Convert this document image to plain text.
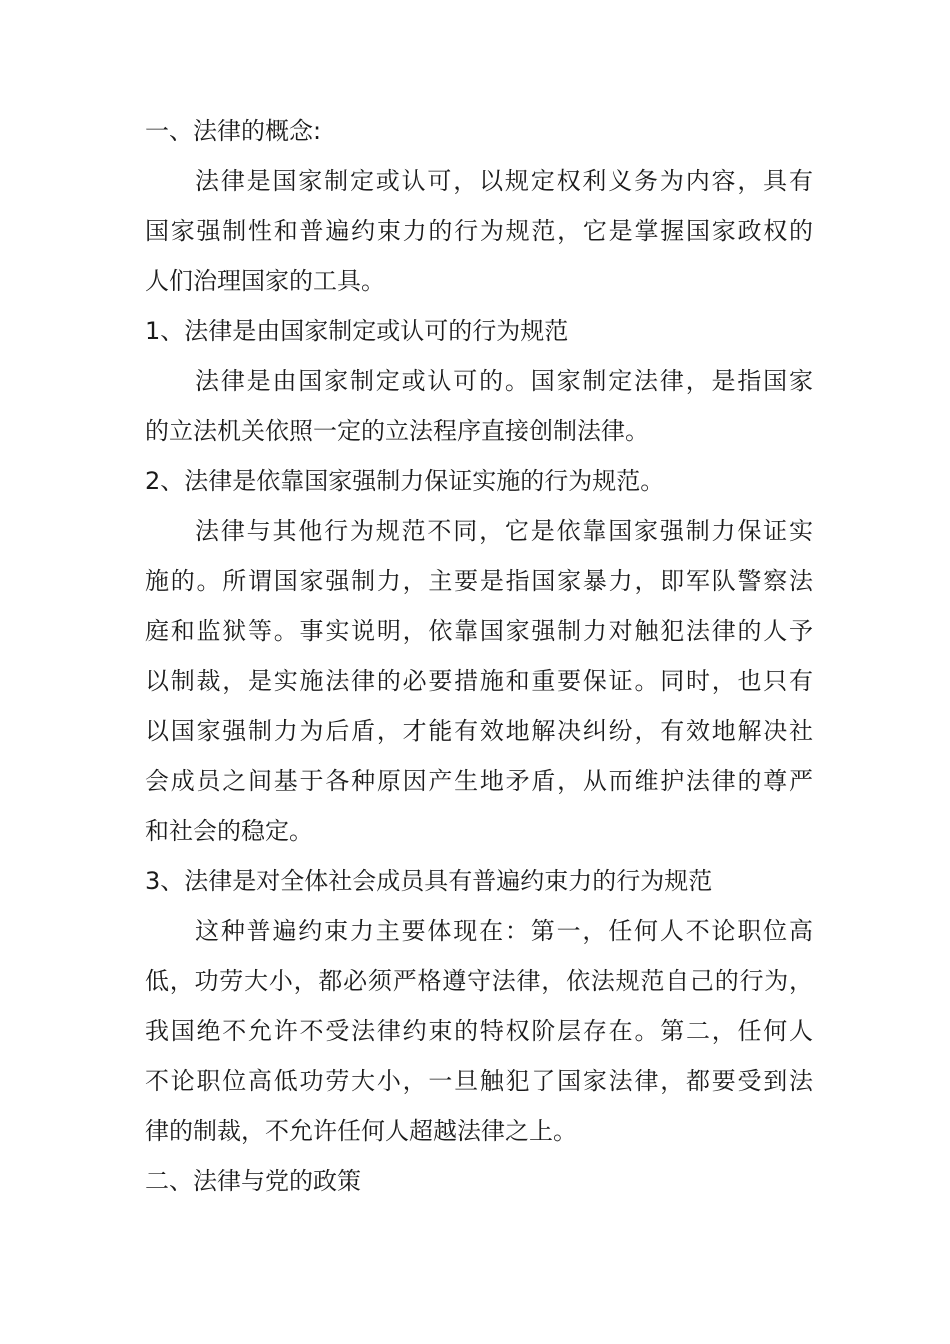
一、法律的概念:
法律是国家制定或认可，以规定权利义务为内容，具有
国家强制性和普遍约束力的行为规范，它是掌握国家政权的
人们治理国家的工具。
1、法律是由国家制定或认可的行为规范
法律是由国家制定或认可的。国家制定法律，是指国家
的立法机关依照一定的立法程序直接创制法律。
2、法律是依靠国家强制力保证实施的行为规范。
法律与其他行为规范不同，它是依靠国家强制力保证实
施的。所谓国家强制力，主要是指国家暴力，即军队警察法
庭和监狱等。事实说明，依靠国家强制力对触犯法律的人予
以制裁，是实施法律的必要措施和重要保证。同时，也只有
以国家强制力为后盾，才能有效地解决纠纷，有效地解决社
会成员之间基于各种原因产生地矛盾，从而维护法律的尊严
和社会的稳定。
3、法律是对全体社会成员具有普遍约束力的行为规范
这种普遍约束力主要体现在：第一，任何人不论职位高
低，功劳大小，都必须严格遵守法律，依法规范自己的行为，
我国绝不允许不受法律约束的特权阶层存在。第二，任何人
不论职位高低功劳大小，一旦触犯了国家法律，都要受到法
律的制裁，不允许任何人超越法律之上。
二、法律与党的政策
